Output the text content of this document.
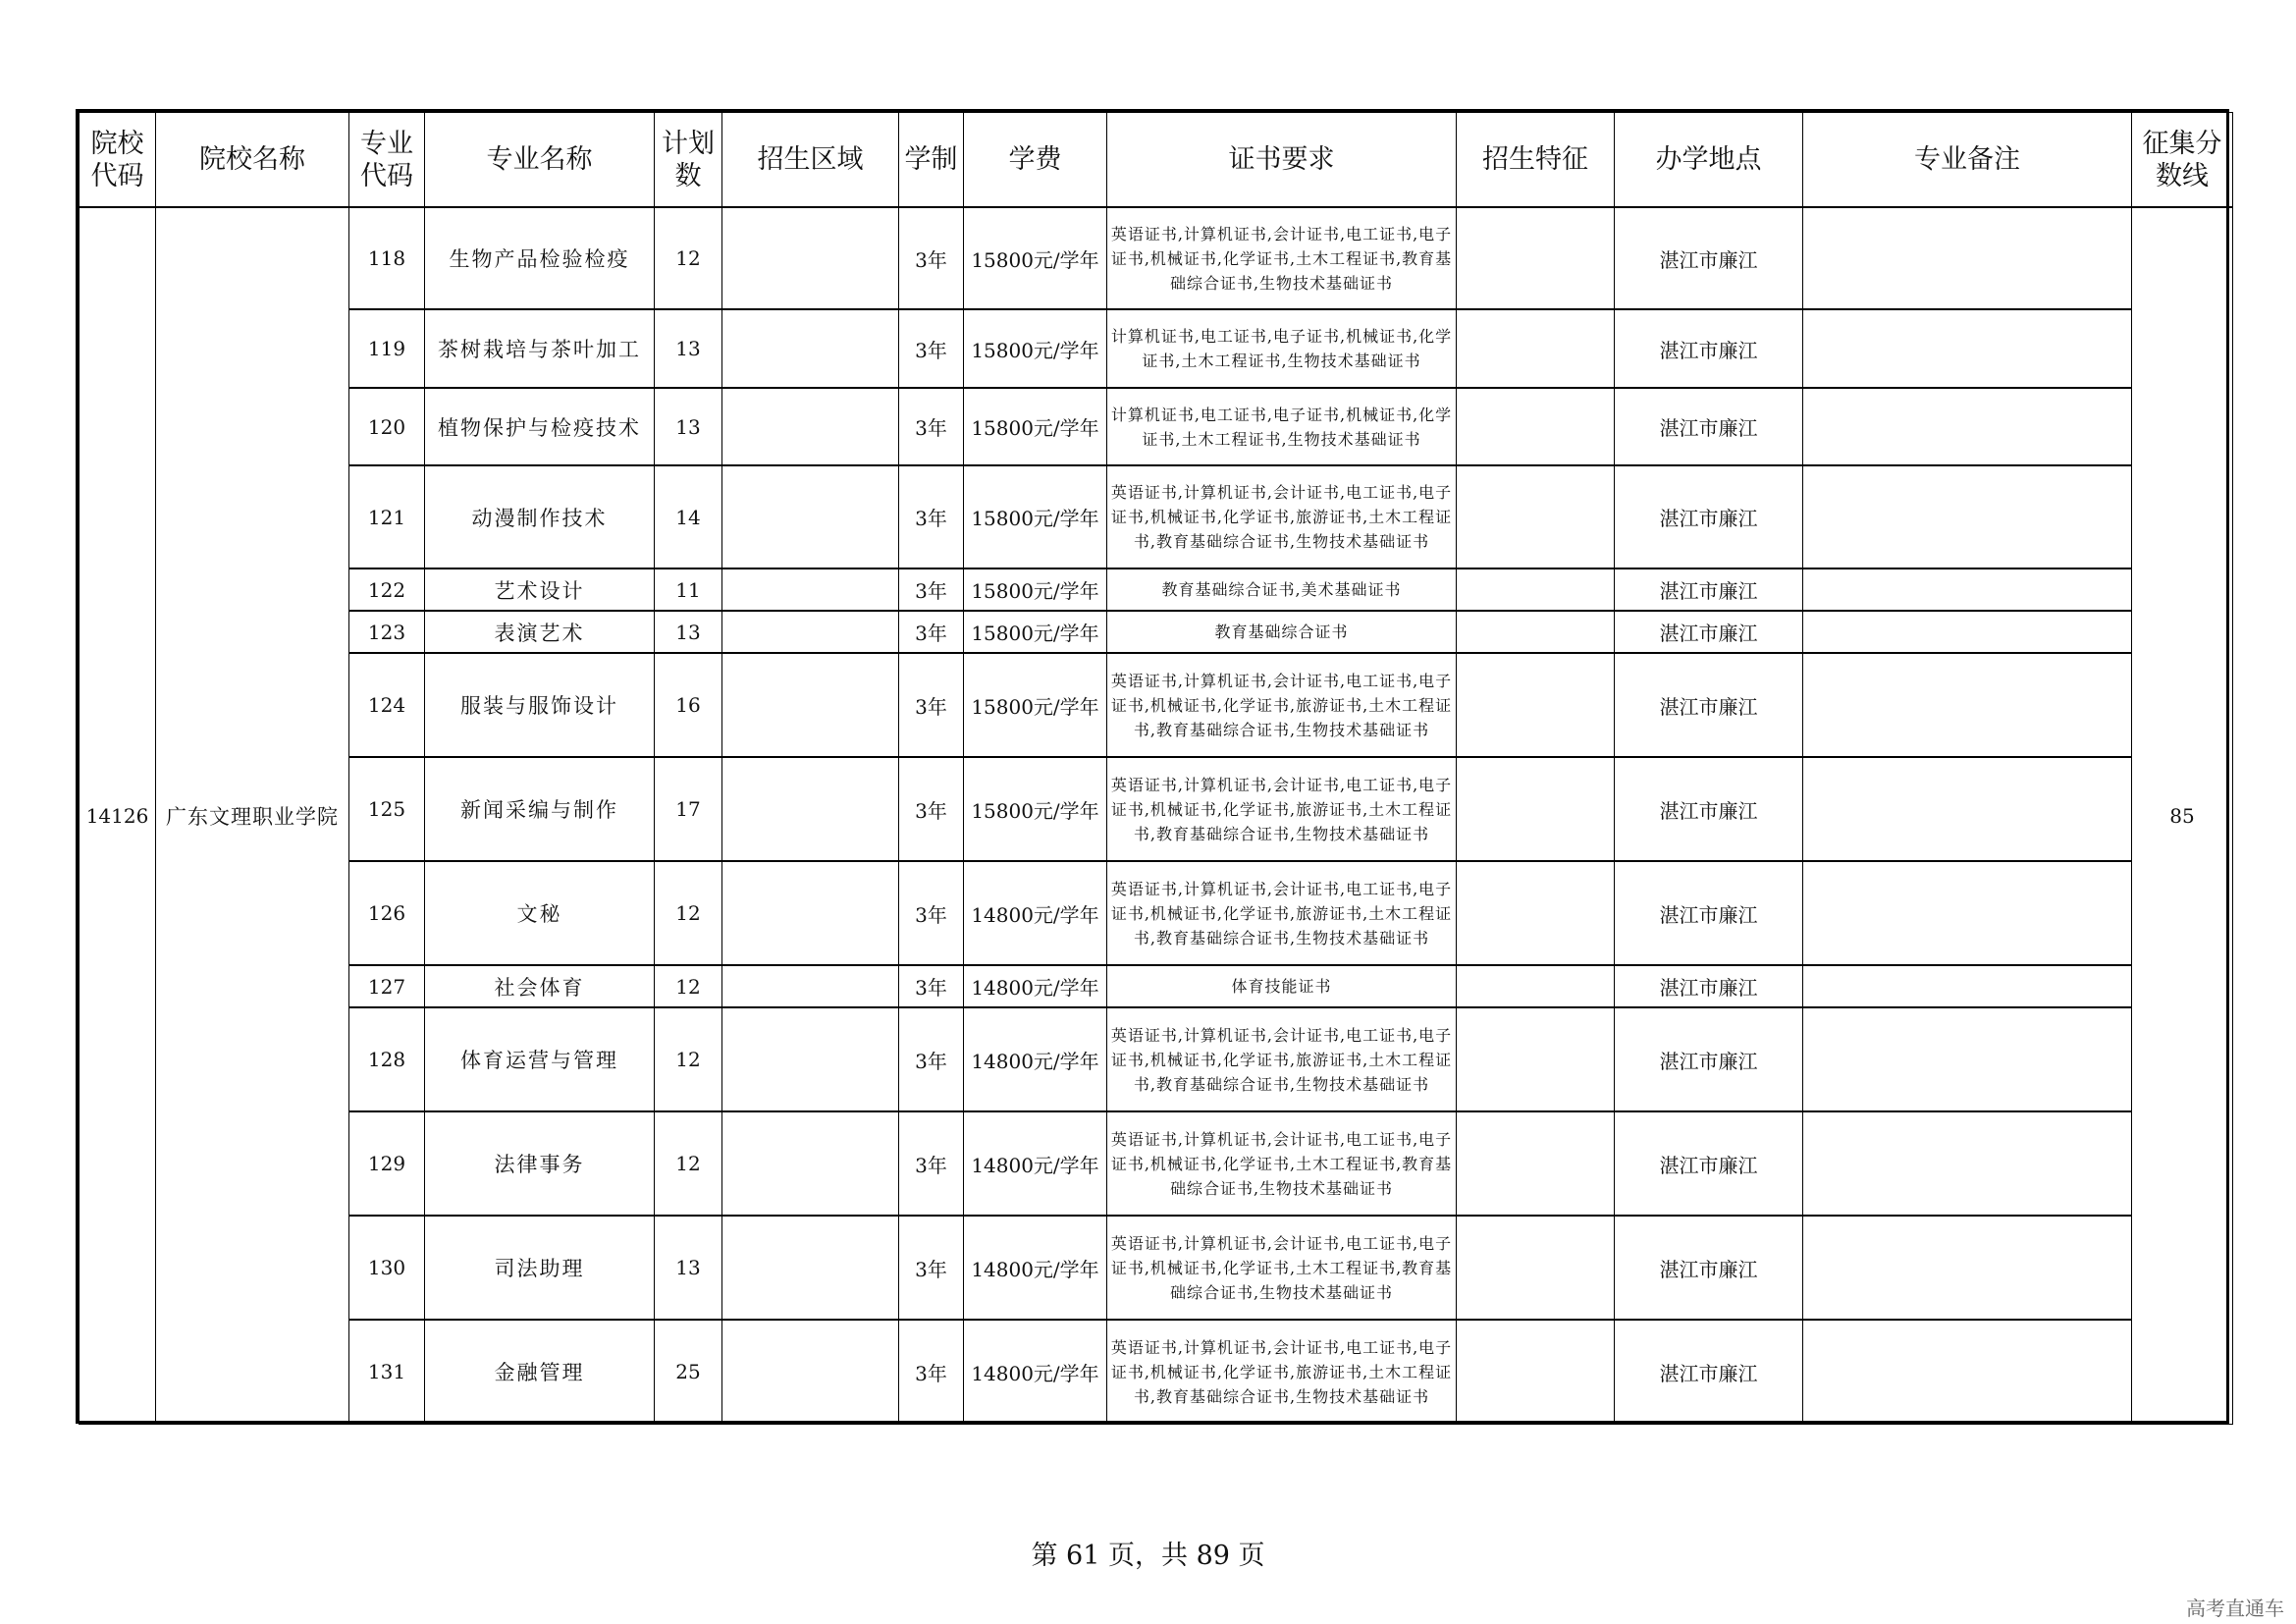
院校代码	院校名称	专业代码	专业名称	计划数	招生区域	学制	学费	证书要求	招生特征	办学地点	专业备注	征集分数线
14126	广东文理职业学院	118	生物产品检验检疫	12		3年	15800元/学年	英语证书,计算机证书,会计证书,电工证书,电子证书,机械证书,化学证书,土木工程证书,教育基础综合证书,生物技术基础证书		湛江市廉江		85
		119	茶树栽培与茶叶加工	13		3年	15800元/学年	计算机证书,电工证书,电子证书,机械证书,化学证书,土木工程证书,生物技术基础证书		湛江市廉江		
		120	植物保护与检疫技术	13		3年	15800元/学年	计算机证书,电工证书,电子证书,机械证书,化学证书,土木工程证书,生物技术基础证书		湛江市廉江		
		121	动漫制作技术	14		3年	15800元/学年	英语证书,计算机证书,会计证书,电工证书,电子证书,机械证书,化学证书,旅游证书,土木工程证书,教育基础综合证书,生物技术基础证书		湛江市廉江		
		122	艺术设计	11		3年	15800元/学年	教育基础综合证书,美术基础证书		湛江市廉江		
		123	表演艺术	13		3年	15800元/学年	教育基础综合证书		湛江市廉江		
		124	服装与服饰设计	16		3年	15800元/学年	英语证书,计算机证书,会计证书,电工证书,电子证书,机械证书,化学证书,旅游证书,土木工程证书,教育基础综合证书,生物技术基础证书		湛江市廉江		
		125	新闻采编与制作	17		3年	15800元/学年	英语证书,计算机证书,会计证书,电工证书,电子证书,机械证书,化学证书,旅游证书,土木工程证书,教育基础综合证书,生物技术基础证书		湛江市廉江		
		126	文秘	12		3年	14800元/学年	英语证书,计算机证书,会计证书,电工证书,电子证书,机械证书,化学证书,旅游证书,土木工程证书,教育基础综合证书,生物技术基础证书		湛江市廉江		
		127	社会体育	12		3年	14800元/学年	体育技能证书		湛江市廉江		
		128	体育运营与管理	12		3年	14800元/学年	英语证书,计算机证书,会计证书,电工证书,电子证书,机械证书,化学证书,旅游证书,土木工程证书,教育基础综合证书,生物技术基础证书		湛江市廉江		
		129	法律事务	12		3年	14800元/学年	英语证书,计算机证书,会计证书,电工证书,电子证书,机械证书,化学证书,土木工程证书,教育基础综合证书,生物技术基础证书		湛江市廉江		
		130	司法助理	13		3年	14800元/学年	英语证书,计算机证书,会计证书,电工证书,电子证书,机械证书,化学证书,土木工程证书,教育基础综合证书,生物技术基础证书		湛江市廉江		
		131	金融管理	25		3年	14800元/学年	英语证书,计算机证书,会计证书,电工证书,电子证书,机械证书,化学证书,旅游证书,土木工程证书,教育基础综合证书,生物技术基础证书		湛江市廉江		
第 61 页，共 89 页
高考直通车
